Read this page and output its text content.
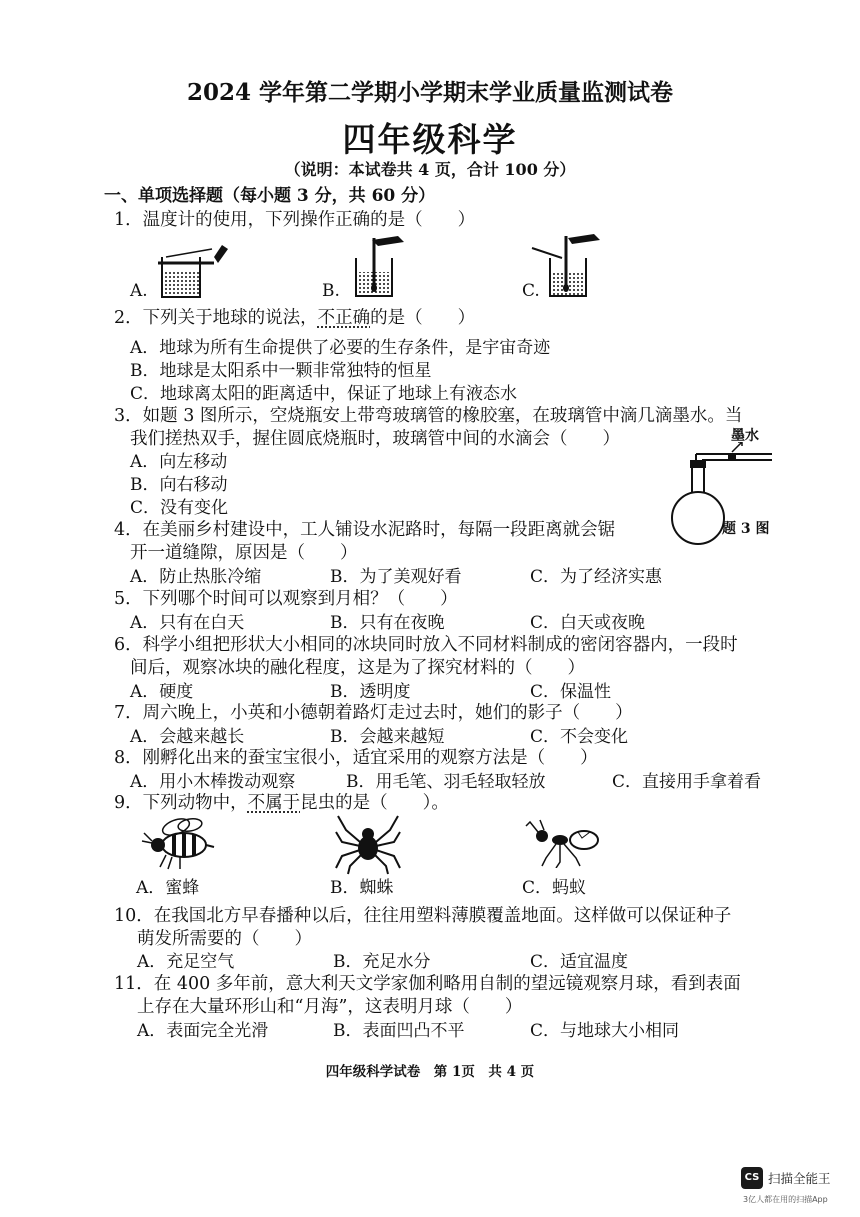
2024 学年第二学期小学期末学业质量监测试卷
四年级科学
（说明：本试卷共 4 页，合计 100 分）
一、单项选择题（每小题 3 分，共 60 分）
1．温度计的使用，下列操作正确的是（　　）
A.	B.	C.
2．下列关于地球的说法，不正确的是（　　）
A．地球为所有生命提供了必要的生存条件，是宇宙奇迹
B．地球是太阳系中一颗非常独特的恒星
C．地球离太阳的距离适中，保证了地球上有液态水
3．如题 3 图所示，空烧瓶安上带弯玻璃管的橡胶塞，在玻璃管中滴几滴墨水。当
我们搓热双手，握住圆底烧瓶时，玻璃管中间的水滴会（　　）
A．向左移动
B．向右移动
C．没有变化
墨水
题 3 图
4．在美丽乡村建设中，工人铺设水泥路时，每隔一段距离就会锯
开一道缝隙，原因是（　　）
A．防止热胀冷缩	B．为了美观好看	C．为了经济实惠
5．下列哪个时间可以观察到月相？（　　）
A．只有在白天	B．只有在夜晚	C．白天或夜晚
6．科学小组把形状大小相同的冰块同时放入不同材料制成的密闭容器内，一段时
间后，观察冰块的融化程度，这是为了探究材料的（　　）
A．硬度	B．透明度	C．保温性
7．周六晚上，小英和小德朝着路灯走过去时，她们的影子（　　）
A．会越来越长	B．会越来越短	C．不会变化
8．刚孵化出来的蚕宝宝很小，适宜采用的观察方法是（　　）
A．用小木棒拨动观察	B．用毛笔、羽毛轻取轻放	C．直接用手拿着看
9．下列动物中，不属于昆虫的是（　　）。
A．蜜蜂	B．蜘蛛	C．蚂蚁
10．在我国北方早春播种以后，往往用塑料薄膜覆盖地面。这样做可以保证种子
萌发所需要的（　　）
A．充足空气	B．充足水分	C．适宜温度
11．在 400 多年前，意大利天文学家伽利略用自制的望远镜观察月球，看到表面
上存在大量环形山和“月海”，这表明月球（　　）
A．表面完全光滑	B．表面凹凸不平	C．与地球大小相同
四年级科学试卷　第 1页　共 4 页
CS 扫描全能王
3亿人都在用的扫描App
